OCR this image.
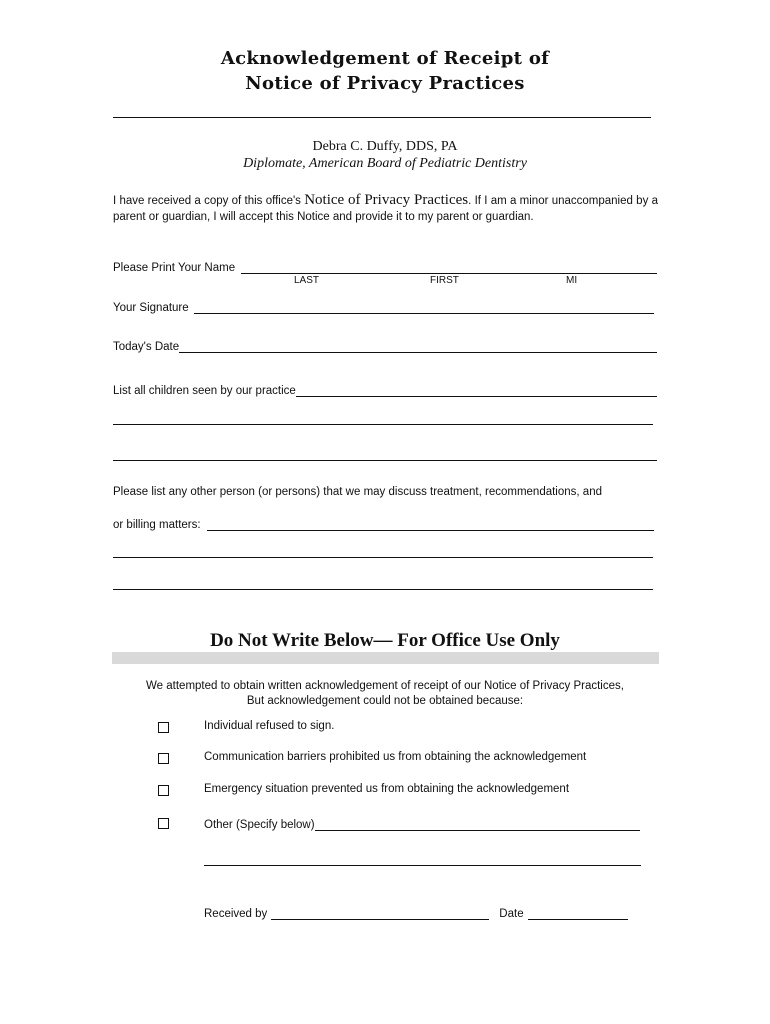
Acknowledgement of Receipt of
Notice of Privacy Practices
Debra C. Duffy, DDS, PA
Diplomate, American Board of Pediatric Dentistry
I have received a copy of this office's Notice of Privacy Practices. If I am a minor unaccompanied by a parent or guardian, I will accept this Notice and provide it to my parent or guardian.
Please Print Your Name
LAST	FIRST	MI
Your Signature
Today's Date
List all children seen by our practice
Please list any other person (or persons) that we may discuss treatment, recommendations, and
or billing matters:
Do Not Write Below— For Office Use Only
We attempted to obtain written acknowledgement of receipt of our Notice of Privacy Practices,
But acknowledgement could not be obtained because:
Individual refused to sign.
Communication barriers prohibited us from obtaining the acknowledgement
Emergency situation prevented us from obtaining the acknowledgement
Other (Specify below)
Received by	Date
